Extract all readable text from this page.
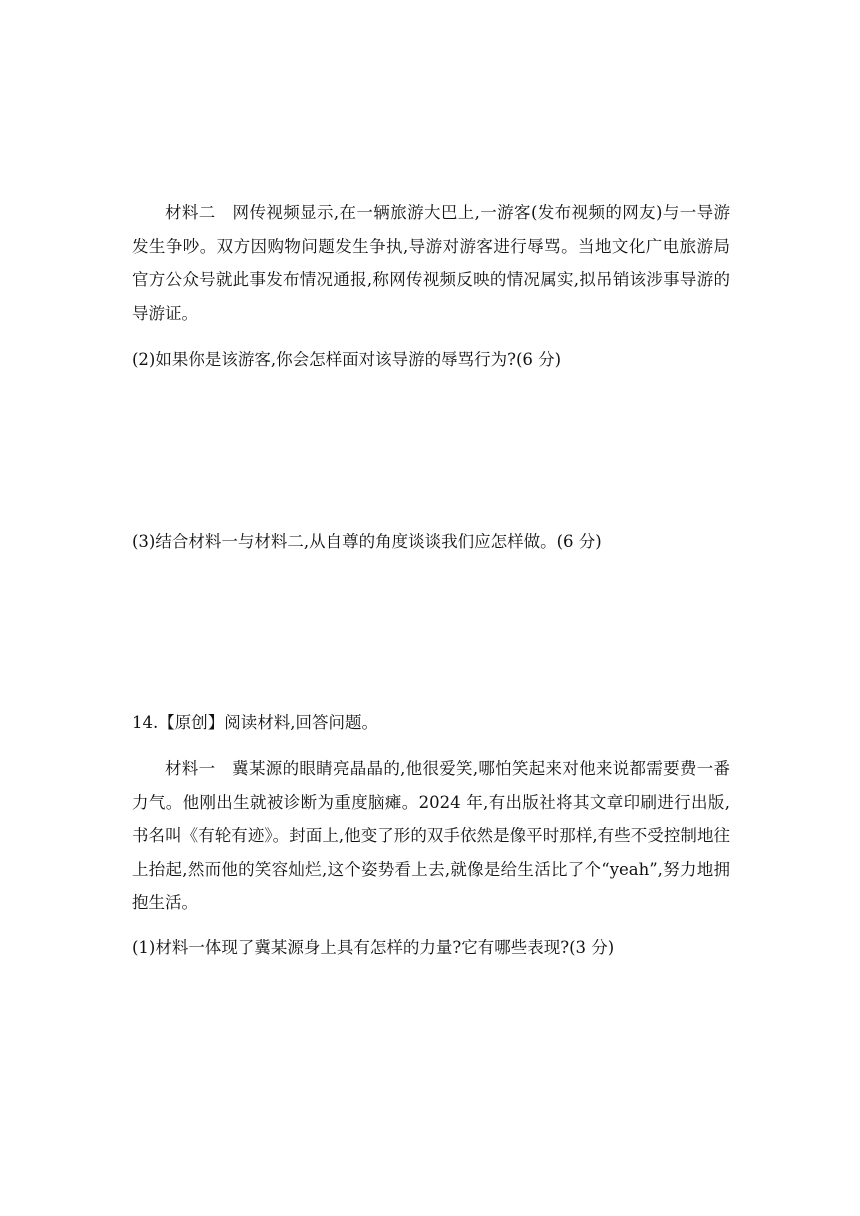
材料二 网传视频显示,在一辆旅游大巴上,一游客(发布视频的网友)与一导游发生争吵。双方因购物问题发生争执,导游对游客进行辱骂。当地文化广电旅游局官方公众号就此事发布情况通报,称网传视频反映的情况属实,拟吊销该涉事导游的导游证。

(2)如果你是该游客,你会怎样面对该导游的辱骂行为?(6 分)
(3)结合材料一与材料二,从自尊的角度谈谈我们应怎样做。(6 分)
14.【原创】阅读材料,回答问题。

材料一 冀某源的眼睛亮晶晶的,他很爱笑,哪怕笑起来对他来说都需要费一番力气。他刚出生就被诊断为重度脑瘫。2024 年,有出版社将其文章印刷进行出版,书名叫《有轮有迹》。封面上,他变了形的双手依然是像平时那样,有些不受控制地往上抬起,然而他的笑容灿烂,这个姿势看上去,就像是给生活比了个“yeah”,努力地拥抱生活。

(1)材料一体现了冀某源身上具有怎样的力量?它有哪些表现?(3 分)
